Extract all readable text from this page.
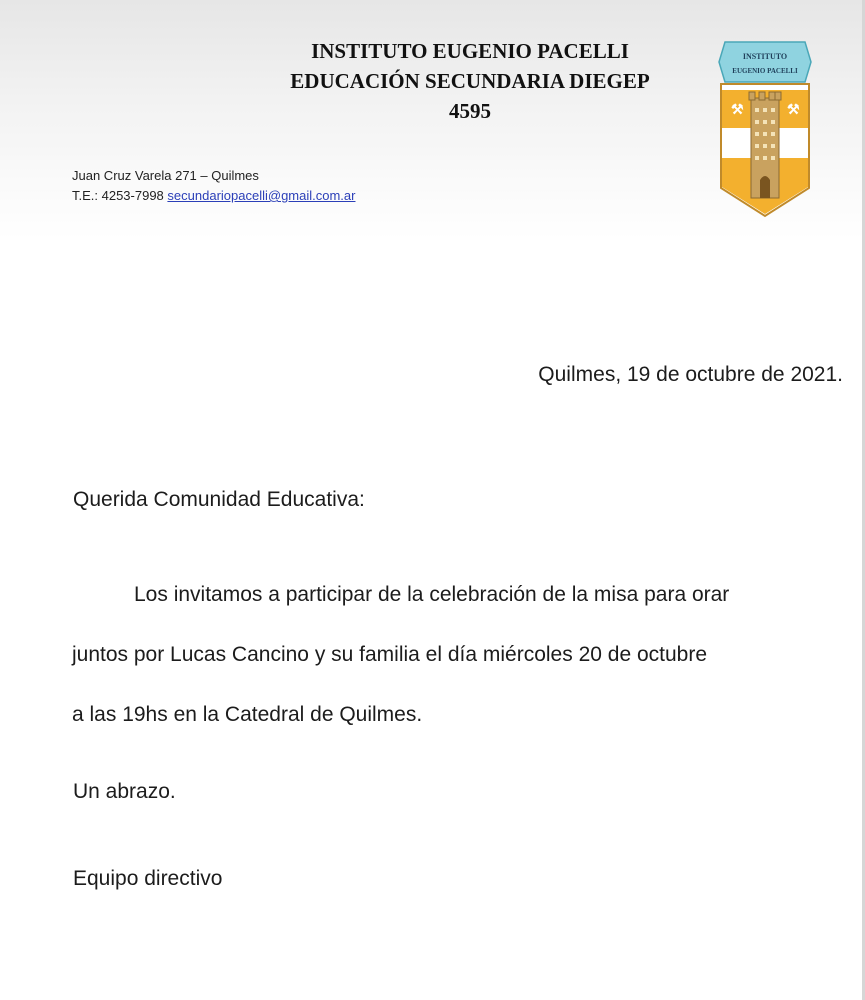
INSTITUTO EUGENIO PACELLI
EDUCACIÓN SECUNDARIA DIEGEP
4595
Juan Cruz Varela 271 – Quilmes
T.E.: 4253-7998 secundariopacelli@gmail.com.ar
⚒	⚒
INSTITUTO
EUGENIO PACELLI
Quilmes, 19 de octubre de 2021.
Querida Comunidad Educativa:
Los invitamos a participar de la celebración de la misa para orar
juntos por Lucas Cancino y su familia el día miércoles 20 de octubre
a las 19hs en la Catedral de Quilmes.
Un abrazo.
Equipo directivo
